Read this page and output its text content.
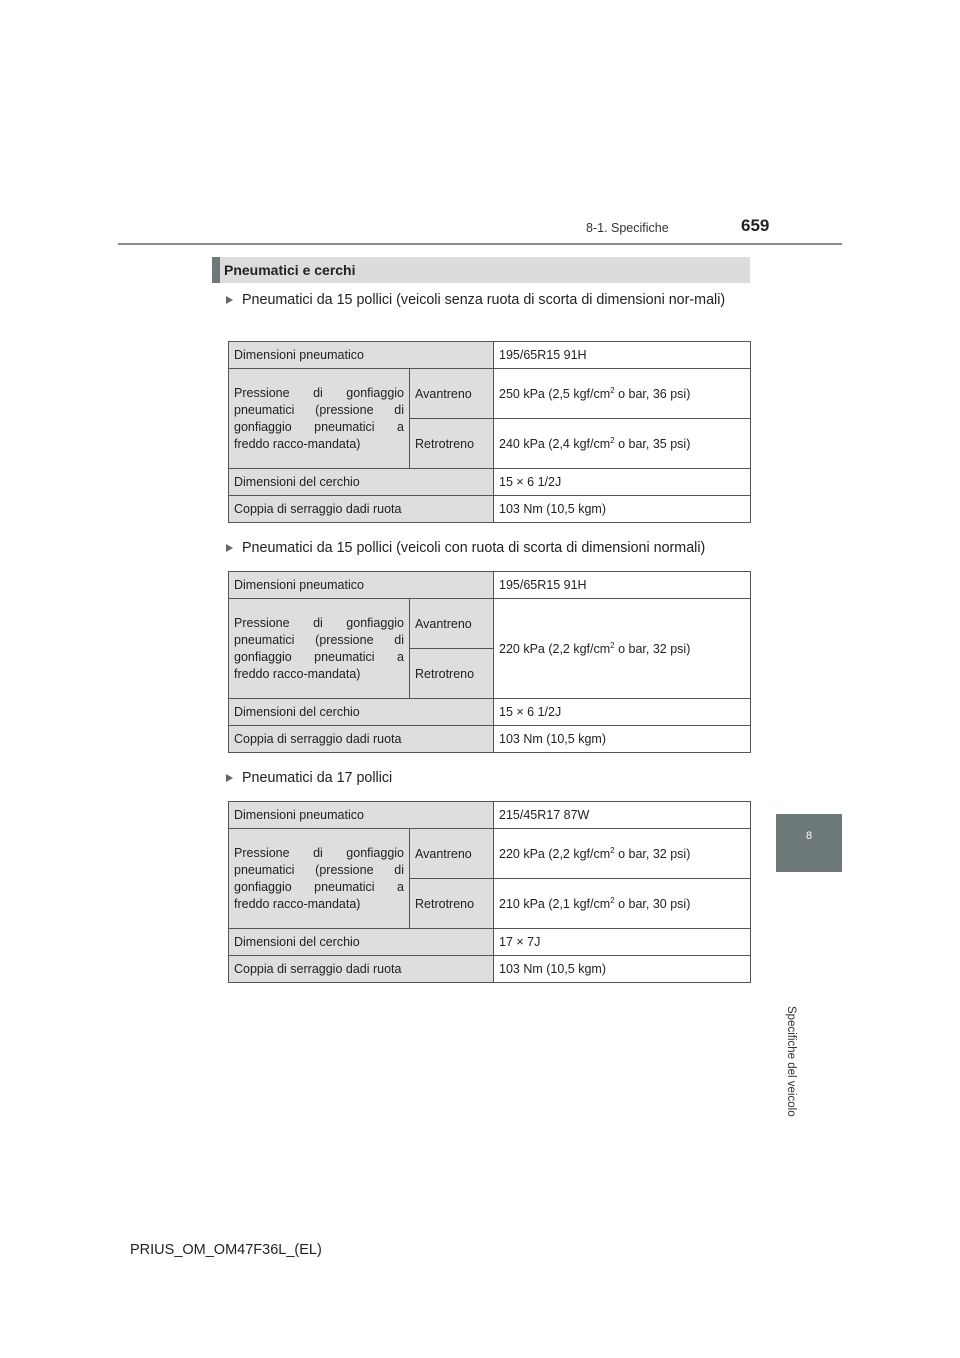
8-1. Specifiche	659
8
Specifiche del veicolo
Pneumatici e cerchi
Pneumatici da 15 pollici (veicoli senza ruota di scorta di dimensioni nor-mali)
Dimensioni pneumatico		195/65R15 91H
Pressione di gonfiaggio pneumatici (pressione di gonfiaggio pneumatici a freddo racco-mandata)	Avantreno	250 kPa (2,5 kgf/$cm^2$ o bar, 36 psi)
	Retrotreno	240 kPa (2,4 kgf/$cm^2$ o bar, 35 psi)
Dimensioni del cerchio		15 × 6 1/2J
Coppia di serraggio dadi ruota		103 Nm (10,5 kgm)
Pneumatici da 15 pollici (veicoli con ruota di scorta di dimensioni normali)
Dimensioni pneumatico		195/65R15 91H
Pressione di gonfiaggio pneumatici (pressione di gonfiaggio pneumatici a freddo racco-mandata)	Avantreno	220 kPa (2,2 kgf/$cm^2$ o bar, 32 psi)
	Retrotreno	
Dimensioni del cerchio		15 × 6 1/2J
Coppia di serraggio dadi ruota		103 Nm (10,5 kgm)
Pneumatici da 17 pollici
Dimensioni pneumatico		215/45R17 87W
Pressione di gonfiaggio pneumatici (pressione di gonfiaggio pneumatici a freddo racco-mandata)	Avantreno	220 kPa (2,2 kgf/$cm^2$ o bar, 32 psi)
	Retrotreno	210 kPa (2,1 kgf/$cm^2$ o bar, 30 psi)
Dimensioni del cerchio		17 × 7J
Coppia di serraggio dadi ruota		103 Nm (10,5 kgm)
PRIUS_OM_OM47F36L_(EL)
